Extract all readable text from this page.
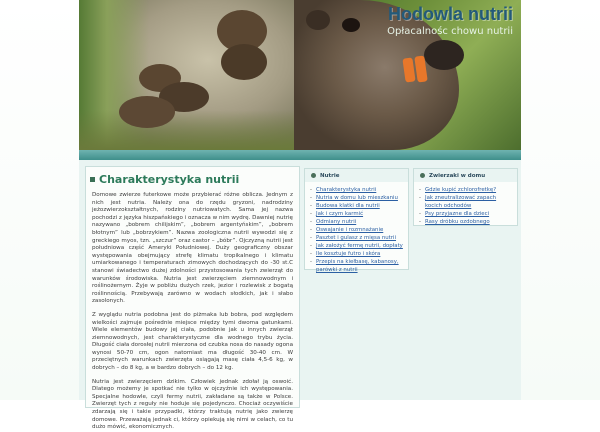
Hodowla nutrii
Opłacalnośc chowu nutrii
Charakterystyka nutrii

Domowe zwierze futerkowe może przybierać różne oblicza. Jednym z nich jest nutria. Należy ona do rzędu gryzoni, nadrodziny jeżozwierzokształtnych, rodziny nutriowatych. Sama jej nazwa pochodzi z języka hiszpańskiego i oznacza w nim wydrę. Dawniej nutrię nazywano „bobrem chilijskim”, „bobrem argentyńskim”, „bobrem błotnym” lub „bobrzykiem”. Nazwa zoologiczna nutrii wywodzi się z greckiego myos, tzn. „szczur” oraz castor – „bóbr”. Ojczyzną nutrii jest południowa część Ameryki Południowej. Duży geograficzny obszar występowania obejmujący strefę klimatu tropikalnego i klimatu umiarkowanego i temperaturach zimowych dochodzących do -30 st.C stanowi świadectwo dużej zdolności przystosowania tych zwierząt do warunków środowiska. Nutria jest zwierzęciem ziemnowodnym i roślinożernym. Żyje w pobliżu dużych rzek, jezior i rozlewisk z bogatą roślinnością. Przebywają zarówno w wodach słodkich, jak i słabo zasolonych.

Z wyglądu nutria podobna jest do piżmaka lub bobra, pod względem wielkości zajmuje pośrednie miejsce między tymi dwoma gatunkami. Wiele elementów budowy jej ciała, podobnie jak u innych zwierząt ziemnowodnych, jest charakterystyczne dla wodnego trybu życia. Długość ciała dorosłej nutrii mierzona od czubka nosa do nasady ogona wynosi 50-70 cm, ogon natomiast ma długość 30-40 cm. W przeciętnych warunkach zwierzęta osiągają masę ciała 4,5-6 kg, w dobrych – do 8 kg, a w bardzo dobrych – do 12 kg.

Nutria jest zwierzęciem dzikim. Człowiek jednak zdołał ją oswoić. Dlatego możemy je spotkać nie tylko w ojczyźnie ich występowania. Specjalne hodowle, czyli fermy nutrii, zakładane są także w Polsce. Zwierzęt tych z reguły nie hoduje się pojedynczo. Chociaż oczywiście zdarzają się i takie przypadki, którzy traktują nutrię jako zwierzę domowe. Przeważają jednak ci, którzy opiekują się nimi w celach, co tu dużo mówić, ekonomicznych.

Nutrie
- Charakterystyka nutrii
- Nutria w domu lub mieszkaniu
- Budowa klatki dla nutrii
- Jak i czym karmić
- Odmiany nutrii
- Oswajanie i rozmnażanie
- Pasztet i gulasz z mięsa nutrii
- Jak założyć fermę nutrii, dopłaty
- Ile kosztuje futro i skóra
- Przepis na kiełbasę, kabanosy, parówki z nutrii
Zwierzaki w domu
- Gdzie kupić zchlorofretkę?
- Jak zneutralizować zapach kocich odchodów
- Psy przyjazne dla dzieci
- Rasy dróbku ozdobnego
